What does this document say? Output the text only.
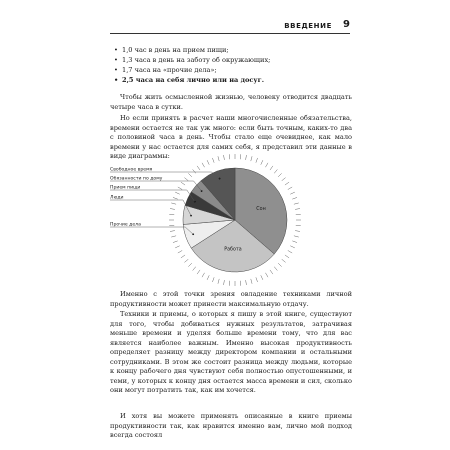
ВВЕДЕНИЕ 9
• 1,0 час в день на прием пищи;
• 1,3 часа в день на заботу об окружающих;
• 1,7 часа на «прочие дела»;
• 2,5 часа на себя лично или на досуг.

Чтобы жить осмысленной жизнью, человеку отводится двадцать четыре часа в сутки.

Но если принять в расчет наши многочисленные обязательства, времени остается не так уж много: если быть точным, каких-то два с половиной часа в день. Чтобы стало еще очевиднее, как мало времени у нас остается для самих себя, я представил эти данные в виде диаграммы:

Сон
Работа
Свободное время
Обязанности по дому
Прием пищи
Люди
Прочие дела

Именно с этой точки зрения овладение техниками личной продуктивности может принести максимальную отдачу.

Техники и приемы, о которых я пишу в этой книге, существуют для того, чтобы добиваться нужных результатов, затрачивая меньше времени и уделяя больше времени тому, что для вас является наиболее важным. Именно высокая продуктивность определяет разницу между директором компании и остальными сотрудниками. В этом же состоит разница между людьми, которые к концу рабочего дня чувствуют себя полностью опустошенными, и теми, у которых к концу дня остается масса времени и сил, сколько они могут потратить так, как им хочется.

И хотя вы можете применять описанные в книге приемы продуктивности так, как нравится именно вам, лично мой подход всегда состоял
